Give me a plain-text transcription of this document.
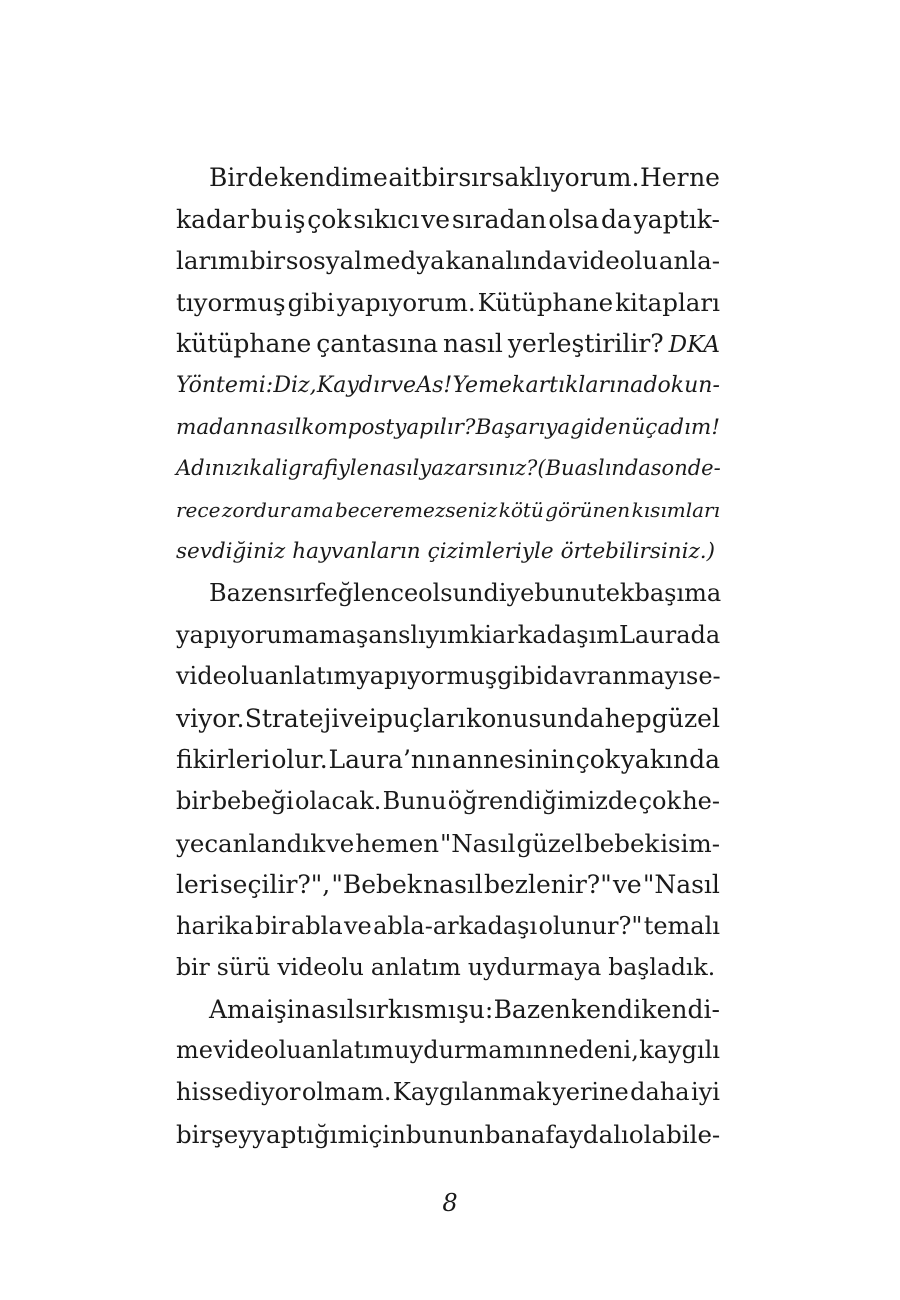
Bir de kendime ait bir sır saklıyorum. Her ne
kadar bu iş çok sıkıcı ve sıradan olsa da yaptık-
larımı bir sosyal medya kanalında videolu anla-
tıyormuş gibi yapıyorum. Kütüphane kitapları
kütüphane çantasına nasıl yerleştirilir? DKA
Yöntemi: Diz, Kaydır ve As! Yemek artıklarına dokun-
madan nasıl kompost yapılır? Başarıya giden üç adım!
Adınızı kaligrafiyle nasıl yazarsınız? (Bu aslında son de-
rece zordur ama beceremezseniz kötü görünen kısımları
sevdiğiniz hayvanların çizimleriyle örtebilirsiniz.)
Bazen sırf eğlence olsun diye bunu tek başıma
yapıyorum ama şanslıyım ki arkadaşım Laura da
videolu anlatım yapıyormuş gibi davranmayı se-
viyor. Strateji ve ipuçları konusunda hep güzel
fikirleri olur. Laura’nın annesinin çok yakında
bir bebeği olacak. Bunu öğrendiğimizde çok he-
yecanlandık ve hemen "Nasıl güzel bebek isim-
leri seçilir?", "Bebek nasıl bezlenir?" ve "Nasıl
harika bir abla ve abla-arkadaşı olunur?" temalı
bir sürü videolu anlatım uydurmaya başladık.
Ama işin asıl sır kısmı şu: Bazen kendi kendi-
me videolu anlatım uydurmamın nedeni, kaygılı
hissediyor olmam. Kaygılanmak yerine daha iyi
bir şey yaptığım için bunun bana faydalı olabile-
8
